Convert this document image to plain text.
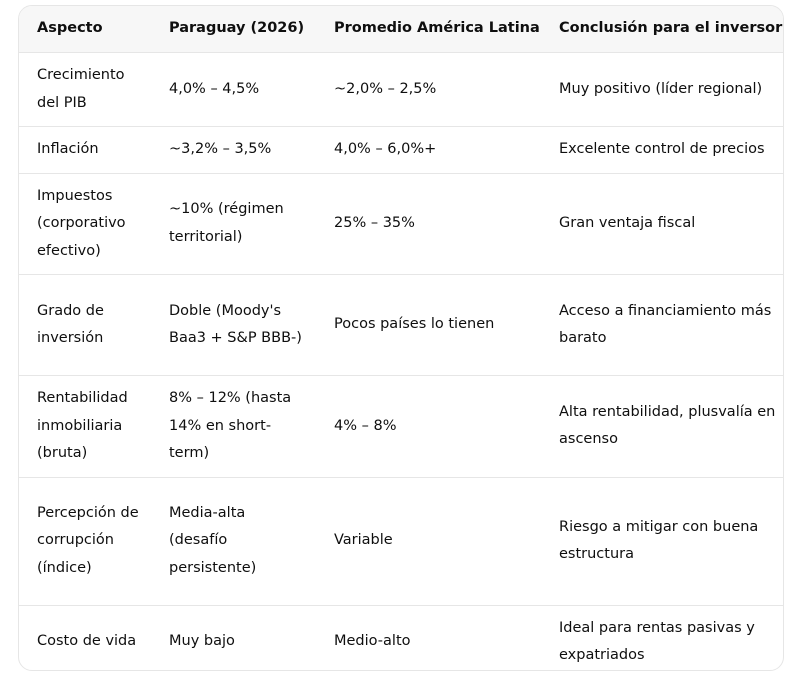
Aspecto	Paraguay (2026)	Promedio América Latina	Conclusión para el inversor
Crecimiento del PIB	4,0% – 4,5%	~2,0% – 2,5%	Muy positivo (líder regional)
Inflación	~3,2% – 3,5%	4,0% – 6,0%+	Excelente control de precios
Impuestos (corporativo efectivo)	~10% (régimen territorial)	25% – 35%	Gran ventaja fiscal
Grado de inversión	Doble (Moody's Baa3 + S&P BBB-)	Pocos países lo tienen	Acceso a financiamiento más barato
Rentabilidad inmobiliaria (bruta)	8% – 12% (hasta 14% en short-term)	4% – 8%	Alta rentabilidad, plusvalía en ascenso
Percepción de corrupción (índice)	Media-alta (desafío persistente)	Variable	Riesgo a mitigar con buena estructura
Costo de vida	Muy bajo	Medio-alto	Ideal para rentas pasivas y expatriados
